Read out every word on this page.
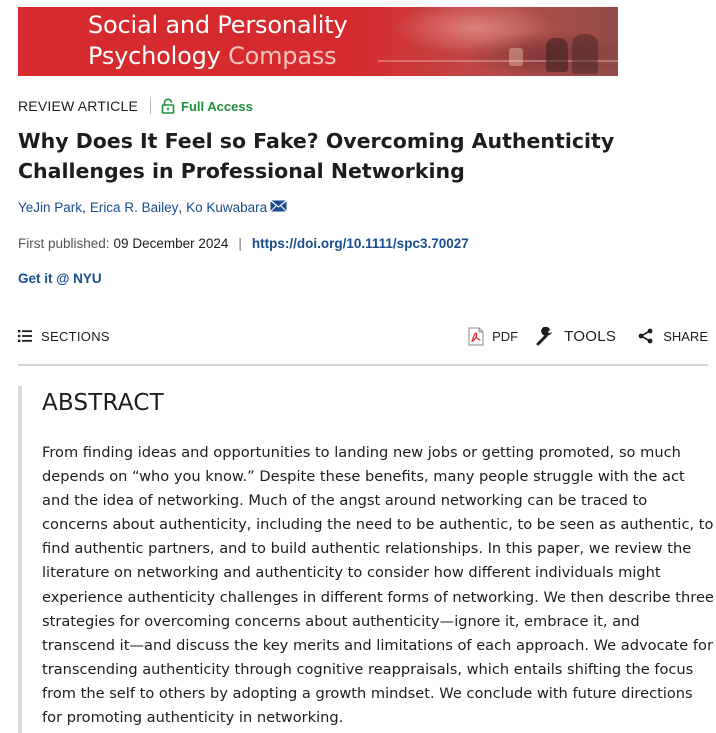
Social and Personality
Psychology Compass
REVIEW ARTICLE	Full Access
Why Does It Feel so Fake? Overcoming Authenticity Challenges in Professional Networking
YeJin Park , Erica R. Bailey , Ko Kuwabara
First published: 09 December 2024 | https://doi.org/10.1111/spc3.70027
Get it @ NYU
SECTIONS	PDF	TOOLS	SHARE
ABSTRACT

From finding ideas and opportunities to landing new jobs or getting promoted, so much depends on “who you know.” Despite these benefits, many people struggle with the act and the idea of networking. Much of the angst around networking can be traced to concerns about authenticity, including the need to be authentic, to be seen as authentic, to find authentic partners, and to build authentic relationships. In this paper, we review the literature on networking and authenticity to consider how different individuals might experience authenticity challenges in different forms of networking. We then describe three strategies for overcoming concerns about authenticity—ignore it, embrace it, and transcend it—and discuss the key merits and limitations of each approach. We advocate for transcending authenticity through cognitive reappraisals, which entails shifting the focus from the self to others by adopting a growth mindset. We conclude with future directions for promoting authenticity in networking.
